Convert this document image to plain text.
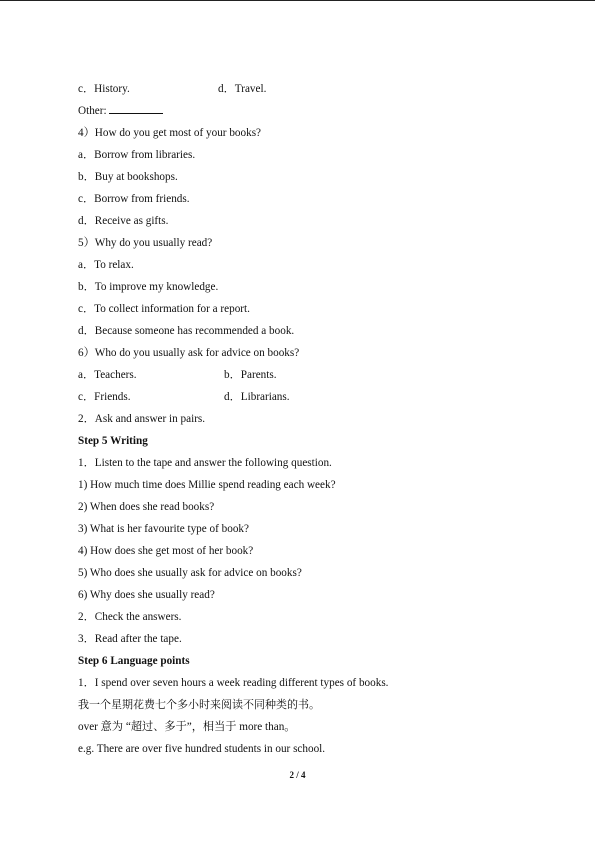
c．History.	d．Travel.
Other:
4）How do you get most of your books?
a．Borrow from libraries.
b．Buy at bookshops.
c．Borrow from friends.
d．Receive as gifts.
5）Why do you usually read?
a．To relax.
b．To improve my knowledge.
c．To collect information for a report.
d．Because someone has recommended a book.
6）Who do you usually ask for advice on books?
a．Teachers.	b．Parents.
c．Friends.	d．Librarians.
2．Ask and answer in pairs.
Step 5 Writing
1．Listen to the tape and answer the following question.
1) How much time does Millie spend reading each week?
2) When does she read books?
3) What is her favourite type of book?
4) How does she get most of her book?
5) Who does she usually ask for advice on books?
6) Why does she usually read?
2．Check the answers.
3．Read after the tape.
Step 6 Language points
1．I spend over seven hours a week reading different types of books.
我一个星期花费七个多小时来阅读不同种类的书。
over 意为 “超过、多于”，相当于 more than。
e.g. There are over five hundred students in our school.
2 / 4
